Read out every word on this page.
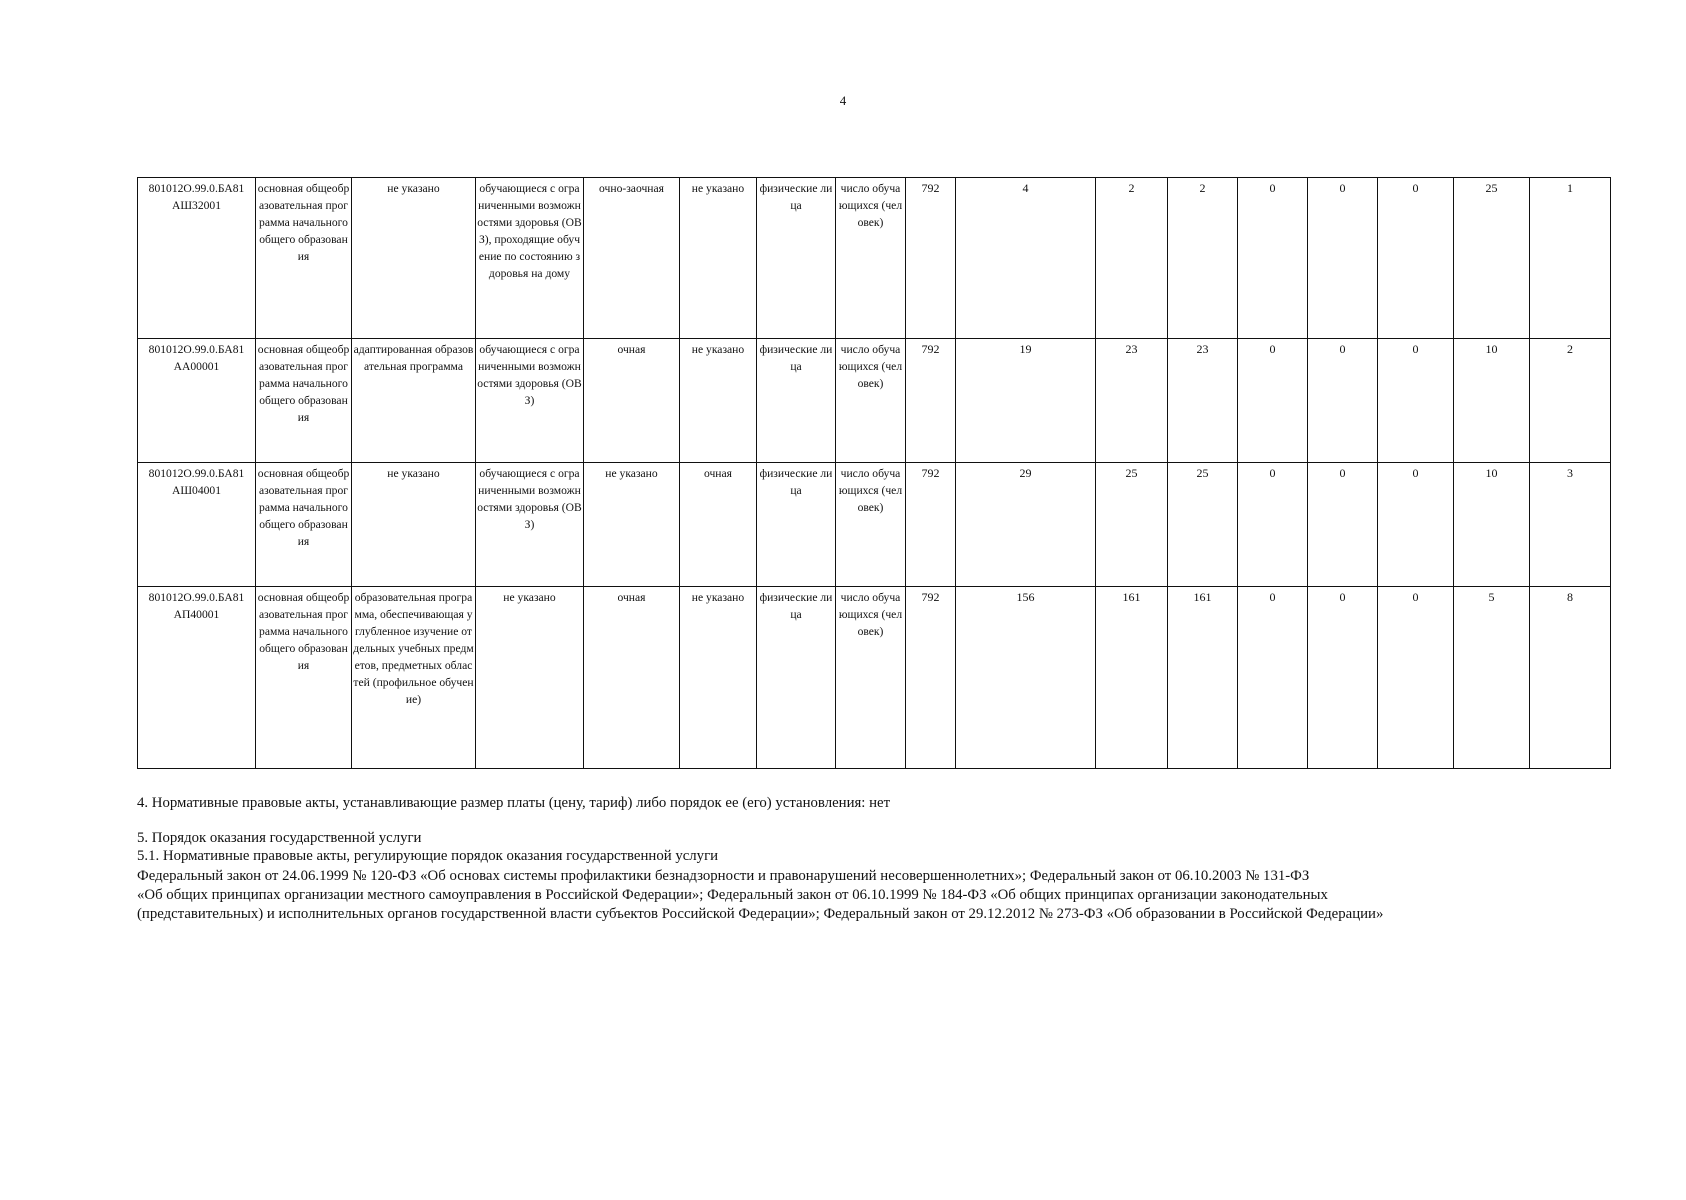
4
801012О.99.0.БА81
АШ32001	основная общеобразовательная программа начального общего образования	не указано	обучающиеся с ограниченными возможностями здоровья (ОВЗ), проходящие обучение по состоянию здоровья на дому	очно-заочная	не указано	физические лица	число обучающихся (человек)	792	4	2	2	0	0	0	25	1

801012О.99.0.БА81
АА00001	основная общеобразовательная программа начального общего образования	адаптированная образовательная программа	обучающиеся с ограниченными возможностями здоровья (ОВЗ)	очная	не указано	физические лица	число обучающихся (человек)	792	19	23	23	0	0	0	10	2

801012О.99.0.БА81
АШ04001	основная общеобразовательная программа начального общего образования	не указано	обучающиеся с ограниченными возможностями здоровья (ОВЗ)	не указано	очная	физические лица	число обучающихся (человек)	792	29	25	25	0	0	0	10	3

801012О.99.0.БА81
АП40001	основная общеобразовательная программа начального общего образования	образовательная программа, обеспечивающая углубленное изучение отдельных учебных предметов, предметных областей (профильное обучение)	не указано	очная	не указано	физические лица	число обучающихся (человек)	792	156	161	161	0	0	0	5	8
4. Нормативные правовые акты, устанавливающие размер платы (цену, тариф) либо порядок ее (его) установления: нет
5. Порядок оказания государственной услуги
5.1. Нормативные правовые акты, регулирующие порядок оказания государственной услуги
Федеральный закон от 24.06.1999 № 120-ФЗ «Об основах системы профилактики безнадзорности и правонарушений несовершеннолетних»; Федеральный закон от 06.10.2003 № 131-ФЗ
«Об общих принципах организации местного самоуправления в Российской Федерации»; Федеральный закон от 06.10.1999 № 184-ФЗ «Об общих принципах организации законодательных
(представительных) и исполнительных органов государственной власти субъектов Российской Федерации»; Федеральный закон от 29.12.2012 № 273-ФЗ «Об образовании в Российской Федерации»
